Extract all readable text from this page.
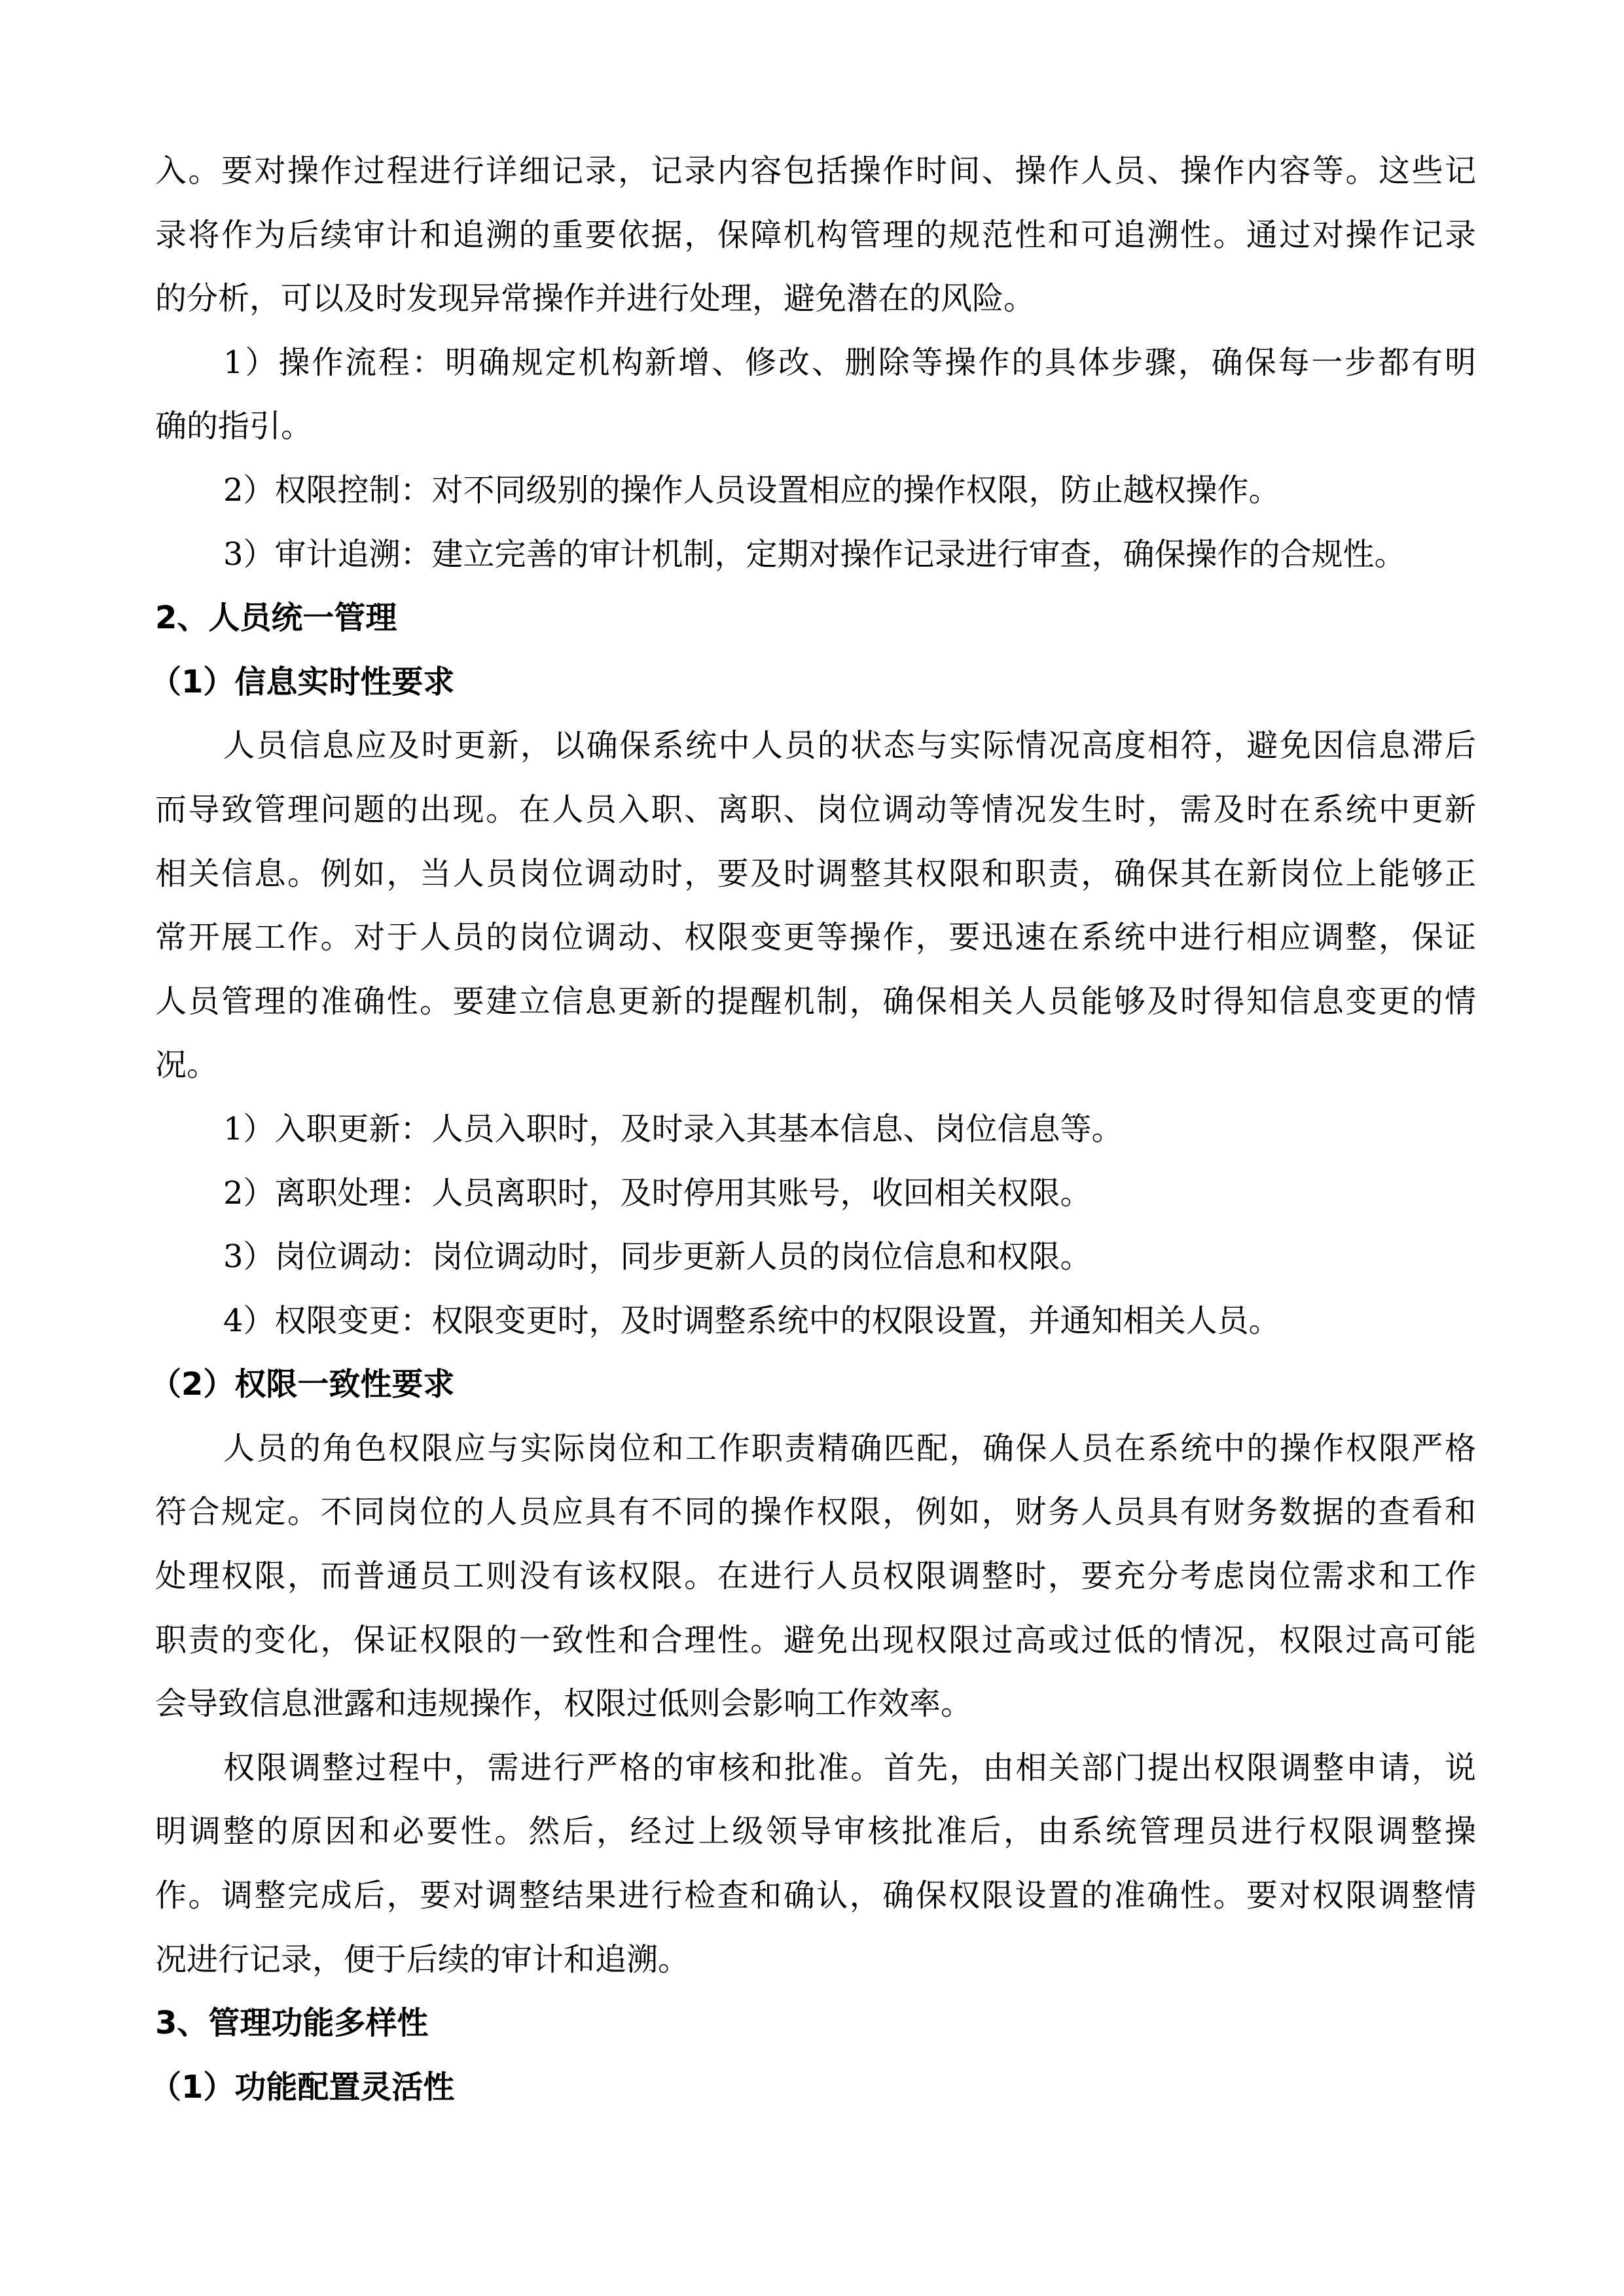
入。要对操作过程进行详细记录，记录内容包括操作时间、操作人员、操作内容等。这些记
录将作为后续审计和追溯的重要依据，保障机构管理的规范性和可追溯性。通过对操作记录
的分析，可以及时发现异常操作并进行处理，避免潜在的风险。
1）操作流程：明确规定机构新增、修改、删除等操作的具体步骤，确保每一步都有明
确的指引。
2）权限控制：对不同级别的操作人员设置相应的操作权限，防止越权操作。
3）审计追溯：建立完善的审计机制，定期对操作记录进行审查，确保操作的合规性。
2、人员统一管理
（1）信息实时性要求
人员信息应及时更新，以确保系统中人员的状态与实际情况高度相符，避免因信息滞后
而导致管理问题的出现。在人员入职、离职、岗位调动等情况发生时，需及时在系统中更新
相关信息。例如，当人员岗位调动时，要及时调整其权限和职责，确保其在新岗位上能够正
常开展工作。对于人员的岗位调动、权限变更等操作，要迅速在系统中进行相应调整，保证
人员管理的准确性。要建立信息更新的提醒机制，确保相关人员能够及时得知信息变更的情
况。
1）入职更新：人员入职时，及时录入其基本信息、岗位信息等。
2）离职处理：人员离职时，及时停用其账号，收回相关权限。
3）岗位调动：岗位调动时，同步更新人员的岗位信息和权限。
4）权限变更：权限变更时，及时调整系统中的权限设置，并通知相关人员。
（2）权限一致性要求
人员的角色权限应与实际岗位和工作职责精确匹配，确保人员在系统中的操作权限严格
符合规定。不同岗位的人员应具有不同的操作权限，例如，财务人员具有财务数据的查看和
处理权限，而普通员工则没有该权限。在进行人员权限调整时，要充分考虑岗位需求和工作
职责的变化，保证权限的一致性和合理性。避免出现权限过高或过低的情况，权限过高可能
会导致信息泄露和违规操作，权限过低则会影响工作效率。
权限调整过程中，需进行严格的审核和批准。首先，由相关部门提出权限调整申请，说
明调整的原因和必要性。然后，经过上级领导审核批准后，由系统管理员进行权限调整操
作。调整完成后，要对调整结果进行检查和确认，确保权限设置的准确性。要对权限调整情
况进行记录，便于后续的审计和追溯。
3、管理功能多样性
（1）功能配置灵活性
